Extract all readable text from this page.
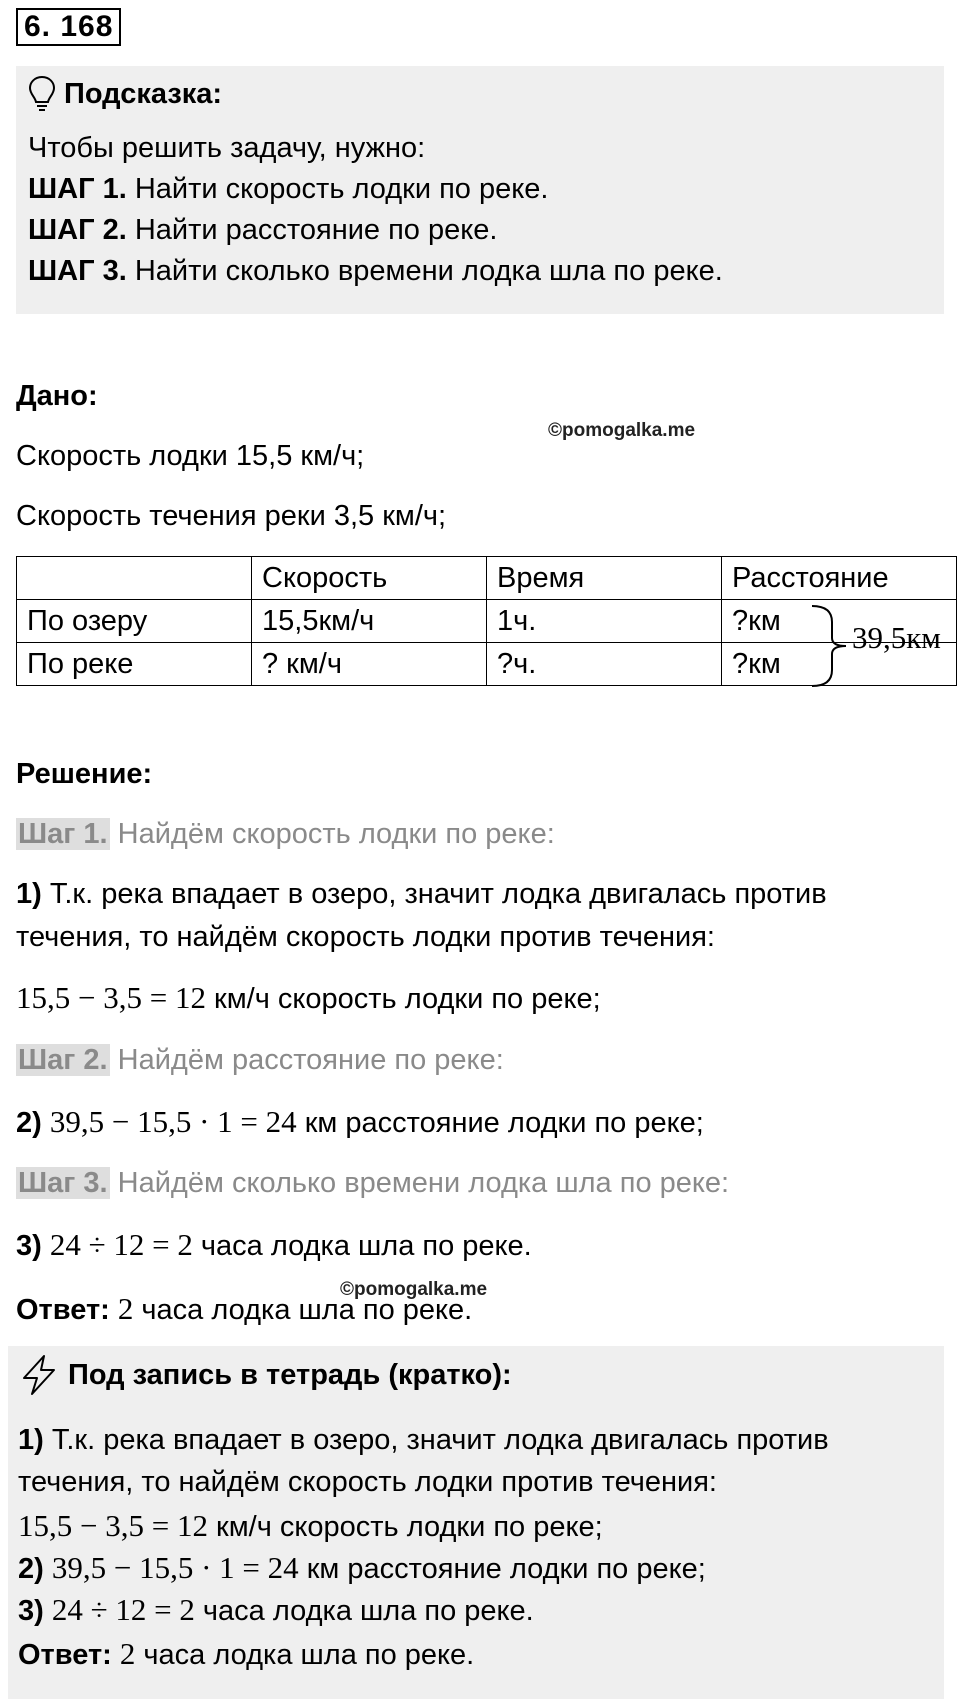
6. 168
Подсказка:
Чтобы решить задачу, нужно:
ШАГ 1. Найти скорость лодки по реке.
ШАГ 2. Найти расстояние по реке.
ШАГ 3. Найти сколько времени лодка шла по реке.
Дано:
©pomogalka.me
Скорость лодки 15,5 км/ч;
Скорость течения реки 3,5 км/ч;
	Скорость	Время	Расстояние
По озеру	15,5км/ч	1ч.	?км
По реке	? км/ч	?ч.	?км
39,5км
Решение:
Шаг 1. Найдём скорость лодки по реке:
1) Т.к. река впадает в озеро, значит лодка двигалась против
течения, то найдём скорость лодки против течения:
15,5 − 3,5 = 12 км/ч скорость лодки по реке;
Шаг 2. Найдём расстояние по реке:
2) 39,5 − 15,5 · 1 = 24 км расстояние лодки по реке;
Шаг 3. Найдём сколько времени лодка шла по реке:
3) 24 ÷ 12 = 2 часа лодка шла по реке.
©pomogalka.me
Ответ: 2 часа лодка шла по реке.
Под запись в тетрадь (кратко):
1) Т.к. река впадает в озеро, значит лодка двигалась против
течения, то найдём скорость лодки против течения:
15,5 − 3,5 = 12 км/ч скорость лодки по реке;
2) 39,5 − 15,5 · 1 = 24 км расстояние лодки по реке;
3) 24 ÷ 12 = 2 часа лодка шла по реке.
Ответ: 2 часа лодка шла по реке.
